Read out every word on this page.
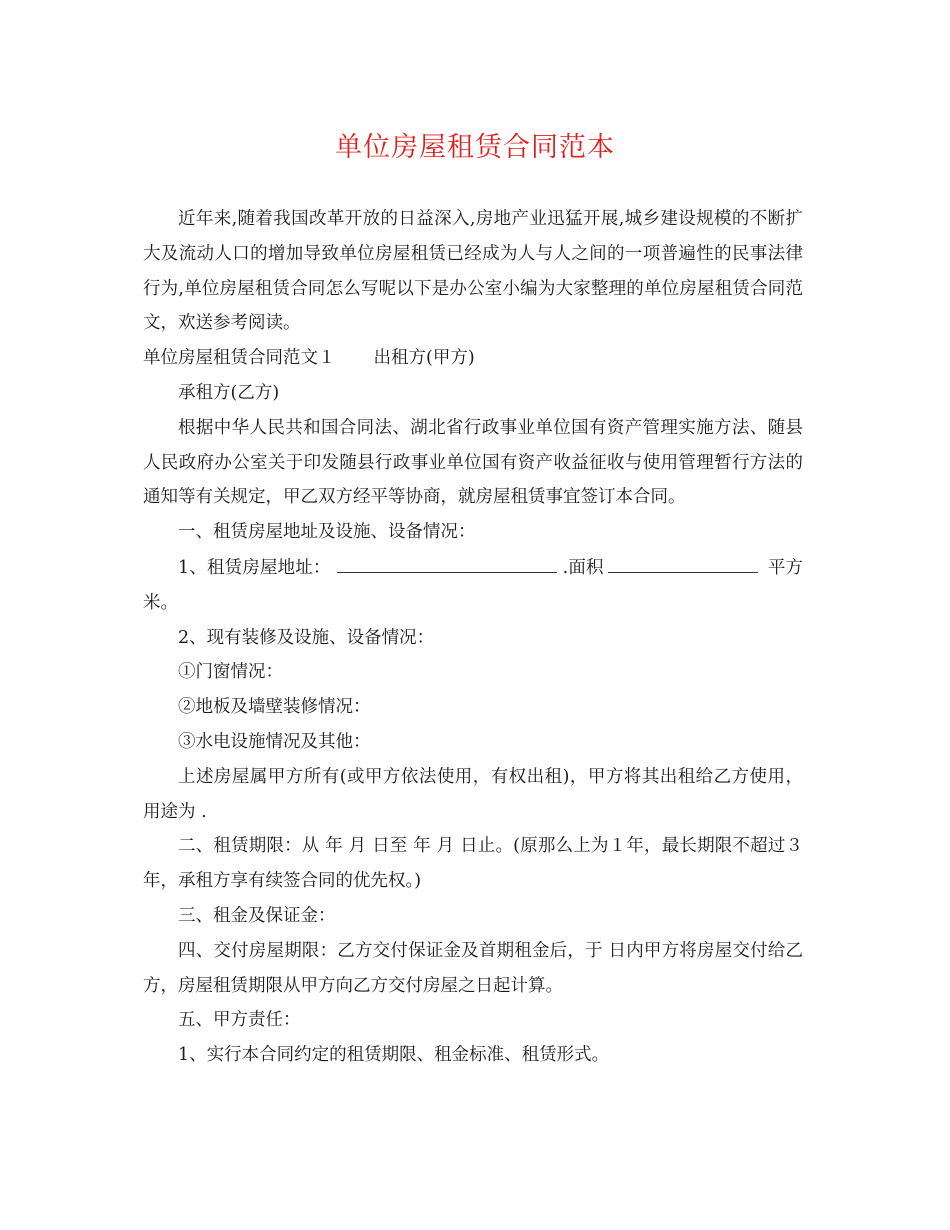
单位房屋租赁合同范本

近年来,随着我国改革开放的日益深入,房地产业迅猛开展,城乡建设规模的不断扩大及流动人口的增加导致单位房屋租赁已经成为人与人之间的一项普遍性的民事法律行为,单位房屋租赁合同怎么写呢以下是办公室小编为大家整理的单位房屋租赁合同范文，欢送参考阅读。

单位房屋租赁合同范文１ 出租方(甲方)

承租方(乙方)

根据中华人民共和国合同法、湖北省行政事业单位国有资产管理实施方法、随县人民政府办公室关于印发随县行政事业单位国有资产收益征收与使用管理暂行方法的通知等有关规定，甲乙双方经平等协商，就房屋租赁事宜签订本合同。

一、租赁房屋地址及设施、设备情况：

1、租赁房屋地址：	.面积	平方米。

2、现有装修及设施、设备情况：

①门窗情况：

②地板及墙壁装修情况：

③水电设施情况及其他：

上述房屋属甲方所有(或甲方依法使用，有权出租)，甲方将其出租给乙方使用，用途为 .

二、租赁期限：从 年 月 日至 年 月 日止。(原那么上为１年，最长期限不超过３年，承租方享有续签合同的优先权。)

三、租金及保证金：

四、交付房屋期限：乙方交付保证金及首期租金后，于 日内甲方将房屋交付给乙方，房屋租赁期限从甲方向乙方交付房屋之日起计算。

五、甲方责任：

1、实行本合同约定的租赁期限、租金标准、租赁形式。
